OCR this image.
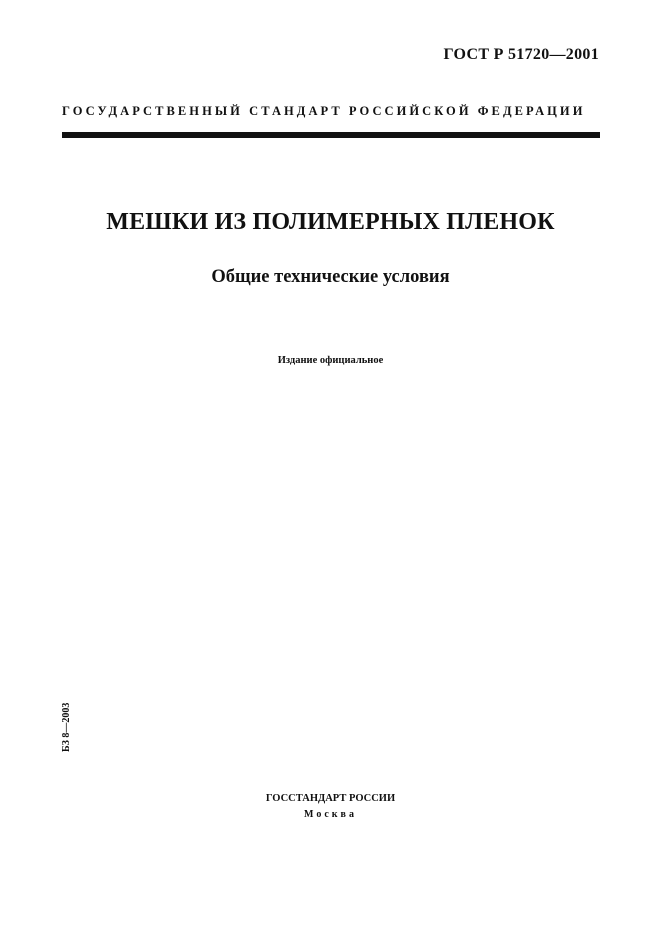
ГОСТ Р 51720—2001
ГОСУДАРСТВЕННЫЙ СТАНДАРТ РОССИЙСКОЙ ФЕДЕРАЦИИ
МЕШКИ ИЗ ПОЛИМЕРНЫХ ПЛЕНОК
Общие технические условия
Издание официальное
БЗ 8—2003
ГОССТАНДАРТ РОССИИ
Москва
